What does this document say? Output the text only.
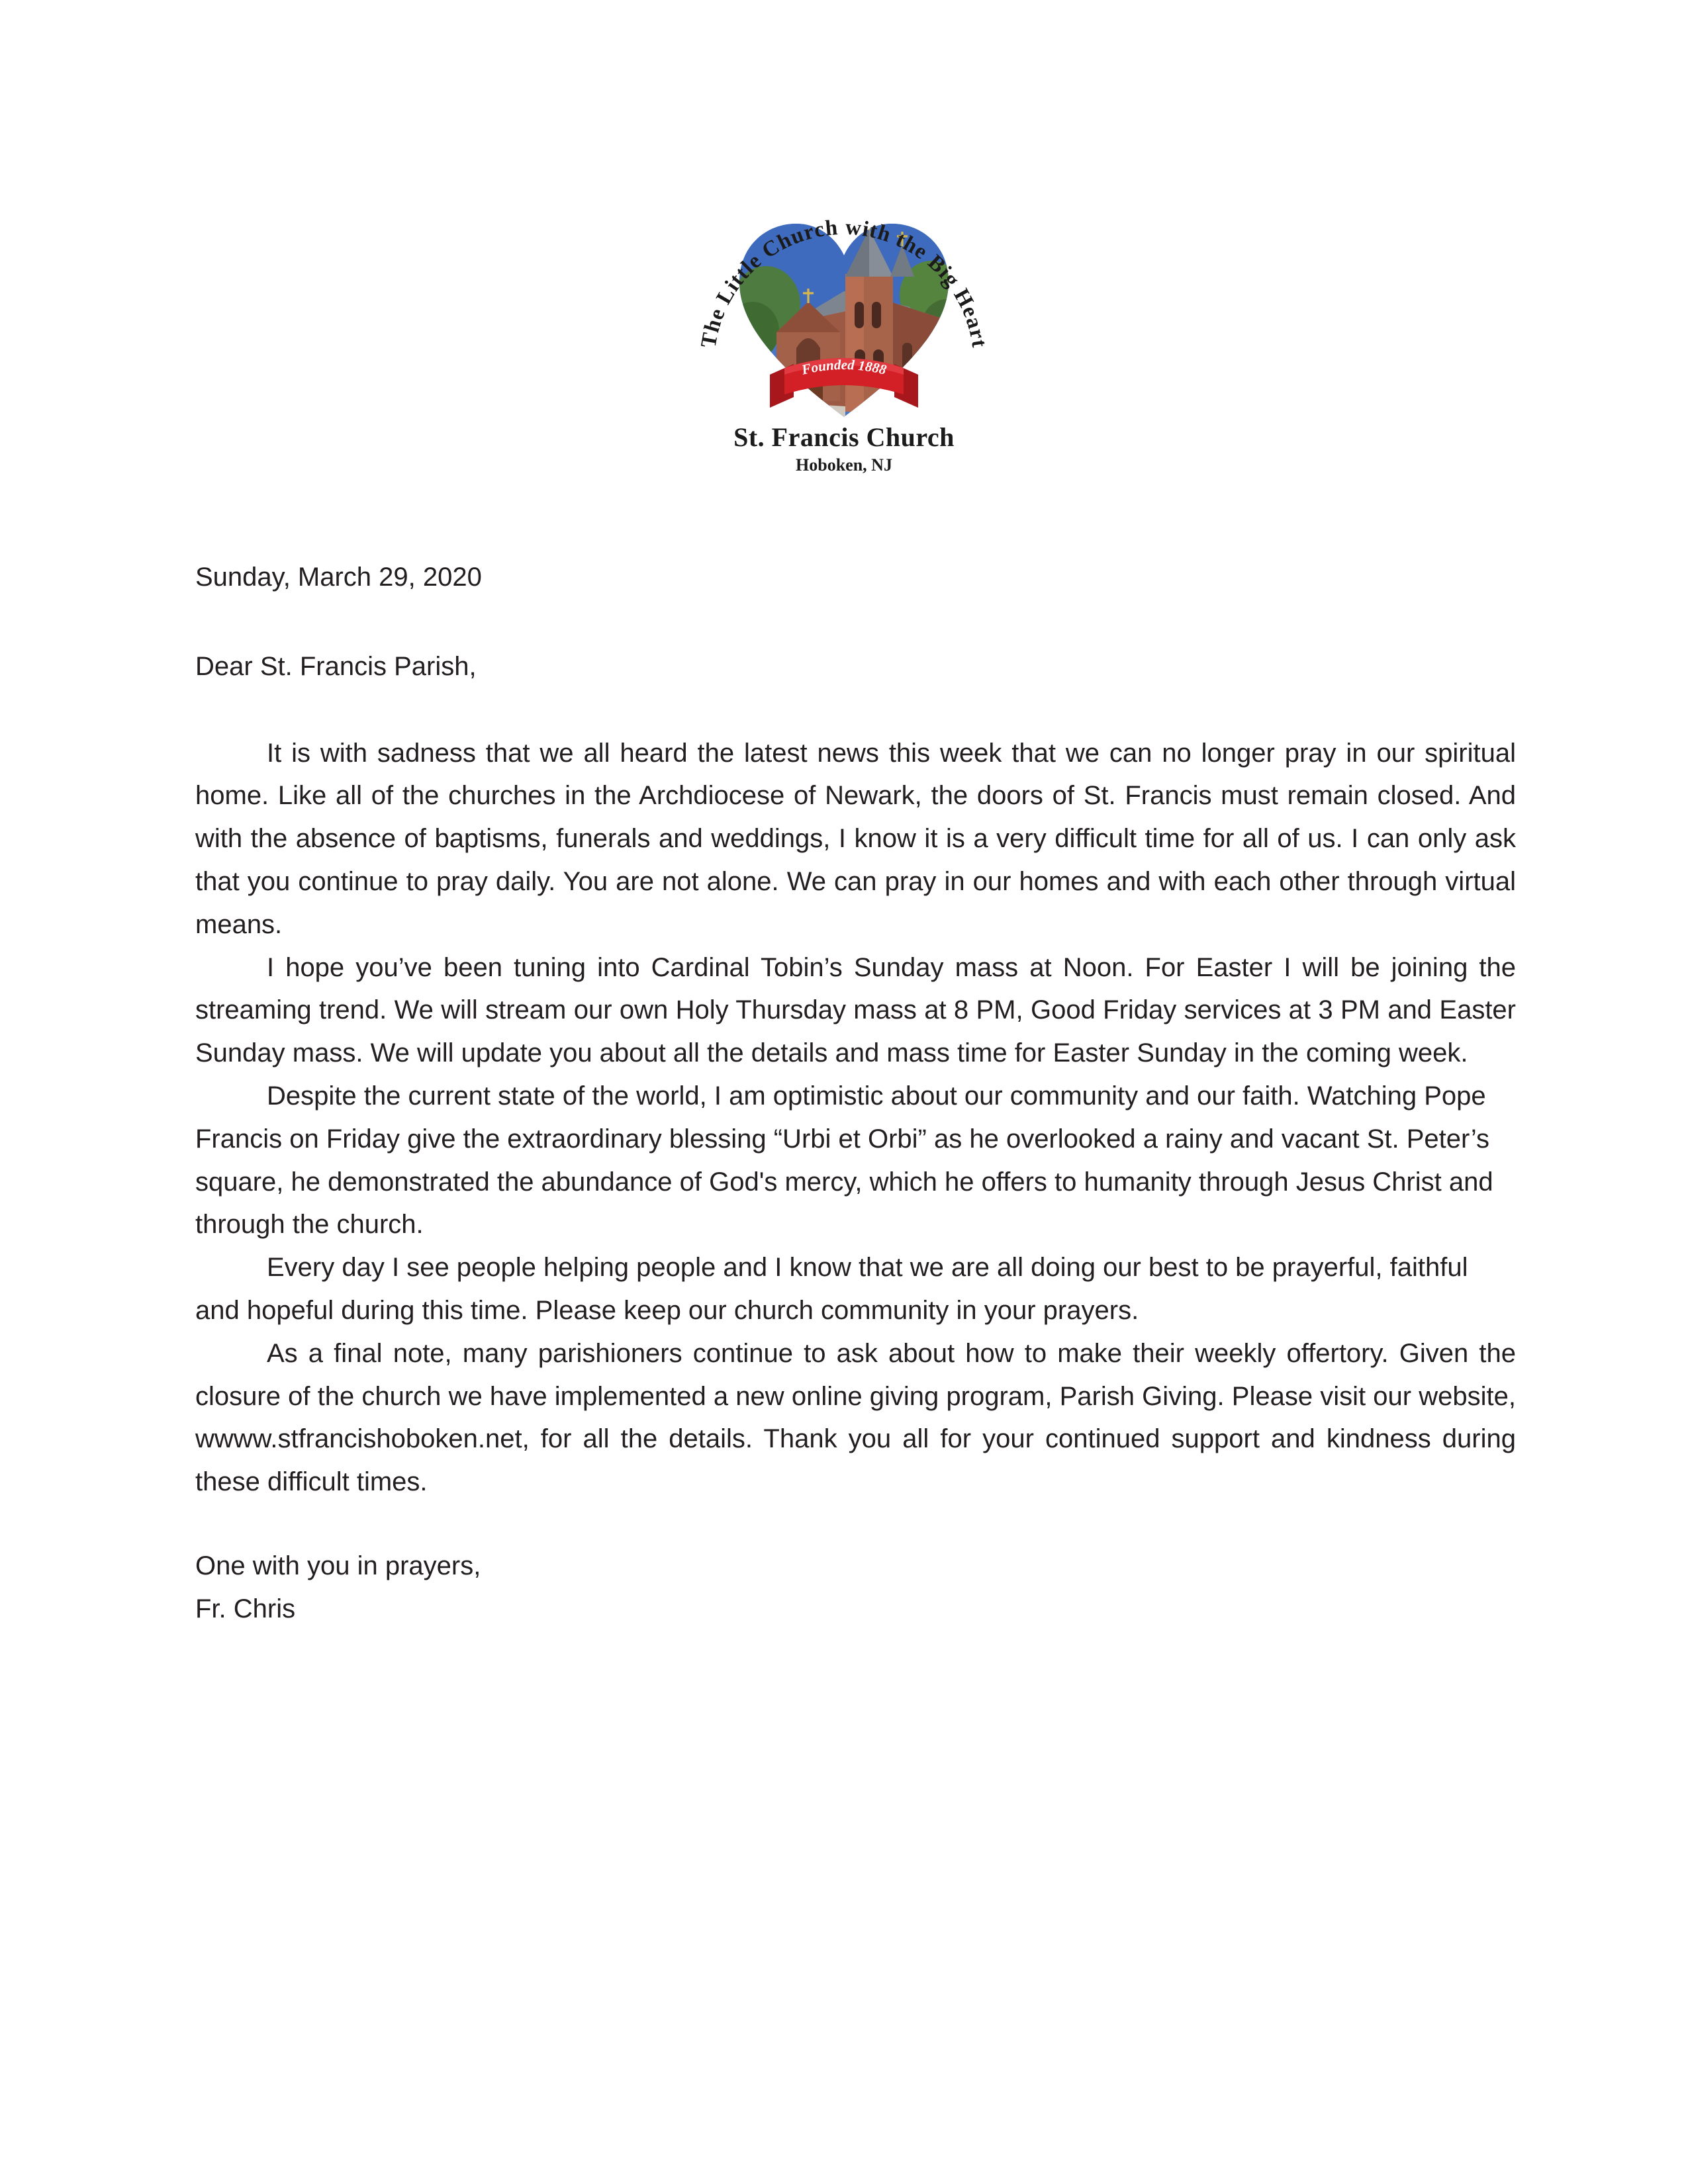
The Little Church with the Big Heart
Founded 1888
St. Francis Church
Hoboken, NJ
Sunday, March 29, 2020
Dear St. Francis Parish,

It is with sadness that we all heard the latest news this week that we can no longer pray in our spiritual home. Like all of the churches in the Archdiocese of Newark, the doors of St. Francis must remain closed. And with the absence of baptisms, funerals and weddings, I know it is a very difficult time for all of us. I can only ask that you continue to pray daily. You are not alone. We can pray in our homes and with each other through virtual means.

I hope you’ve been tuning into Cardinal Tobin’s Sunday mass at Noon. For Easter I will be joining the streaming trend. We will stream our own Holy Thursday mass at 8 PM, Good Friday services at 3 PM and Easter Sunday mass. We will update you about all the details and mass time for Easter Sunday in the coming week.

Despite the current state of the world, I am optimistic about our community and our faith. Watching Pope Francis on Friday give the extraordinary blessing “Urbi et Orbi” as he overlooked a rainy and vacant St. Peter’s square, he demonstrated the abundance of God's mercy, which he offers to humanity through Jesus Christ and through the church.

Every day I see people helping people and I know that we are all doing our best to be prayerful, faithful and hopeful during this time. Please keep our church community in your prayers.

As a final note, many parishioners continue to ask about how to make their weekly offertory. Given the closure of the church we have implemented a new online giving program, Parish Giving. Please visit our website, wwww.stfrancishoboken.net, for all the details. Thank you all for your continued support and kindness during these difficult times.

One with you in prayers,
Fr. Chris
